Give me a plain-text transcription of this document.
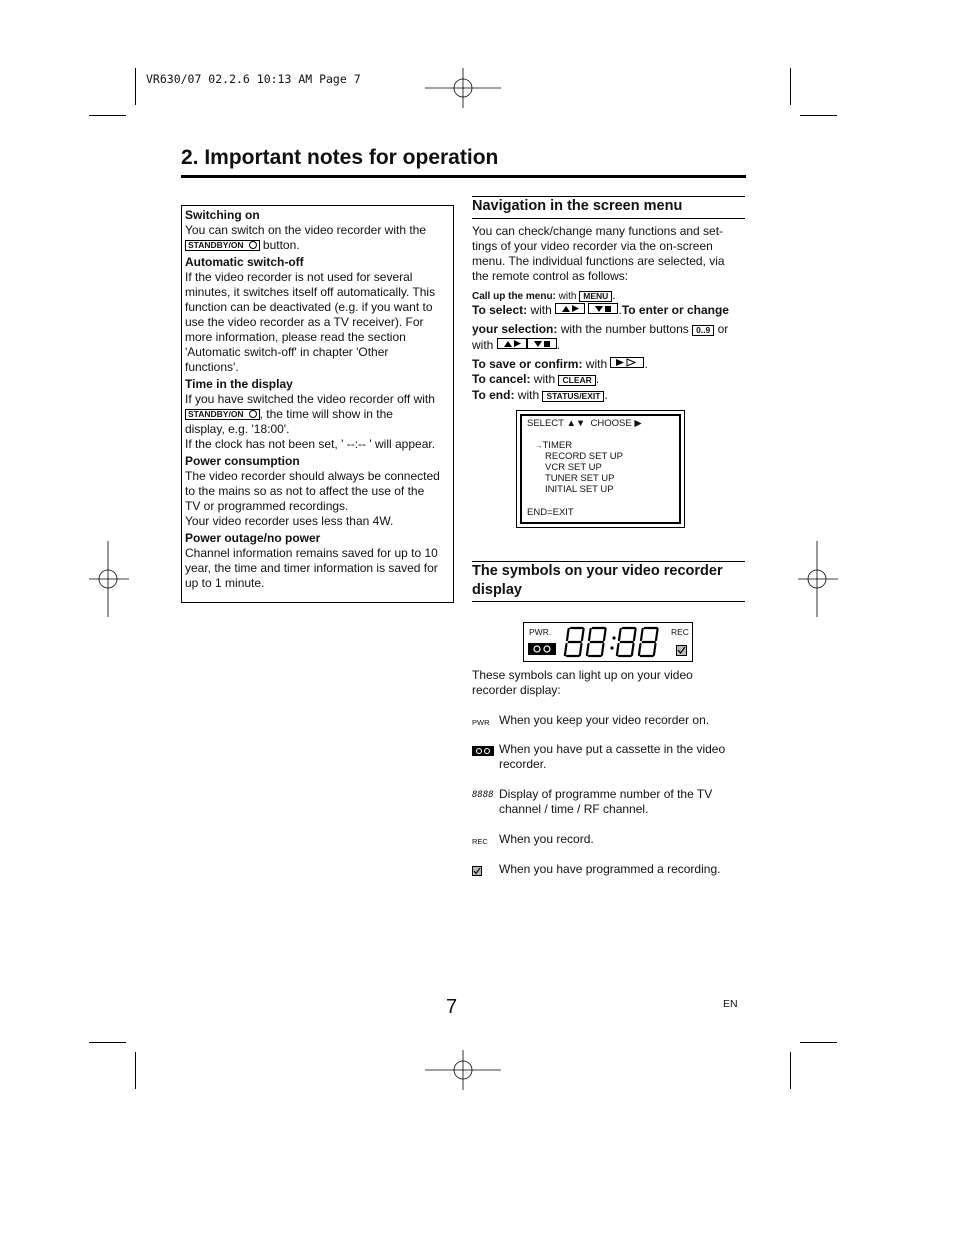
VR630/07 02.2.6 10:13 AM Page 7
2. Important notes for operation
Switching on

You can switch on the video recorder with the

STANDBY/ON button.

Automatic switch-off

If the video recorder is not used for several

minutes, it switches itself off automatically. This

function can be deactivated (e.g. if you want to

use the video recorder as a TV receiver). For

more information, please read the section

'Automatic switch-off' in chapter 'Other

functions'.

Time in the display

If you have switched the video recorder off with

STANDBY/ON , the time will show in the

display, e.g. '18:00'.

If the clock has not been set, ' --:-- ' will appear.

Power consumption

The video recorder should always be connected

to the mains so as not to affect the use of the

TV or programmed recordings.

Your video recorder uses less than 4W.

Power outage/no power

Channel information remains saved for up to 10

year, the time and timer information is saved for

up to 1 minute.

Navigation in the screen menu

You can check/change many functions and set-

tings of your video recorder via the on-screen

menu. The individual functions are selected, via

the remote control as follows:

Call up the menu: with MENU .
To select: with
	.To enter or change
your selection: with the number buttons 0..9 or
with	.
To save or confirm: with	.
To cancel: with CLEAR .
To end: with STATUS/EXIT .
SELECT ▲▼ CHOOSE ▶
→TIMER
RECORD SET UP
VCR SET UP
TUNER SET UP
INITIAL SET UP
END=EXIT
The symbols on your video recorder
display
PWR.	REC

These symbols can light up on your video

recorder display:

PWR When you keep your video recorder on.
When you have put a cassette in the video
recorder.
8888 Display of programme number of the TV
channel / time / RF channel.
REC When you record.
When you have programmed a recording.
7	EN
